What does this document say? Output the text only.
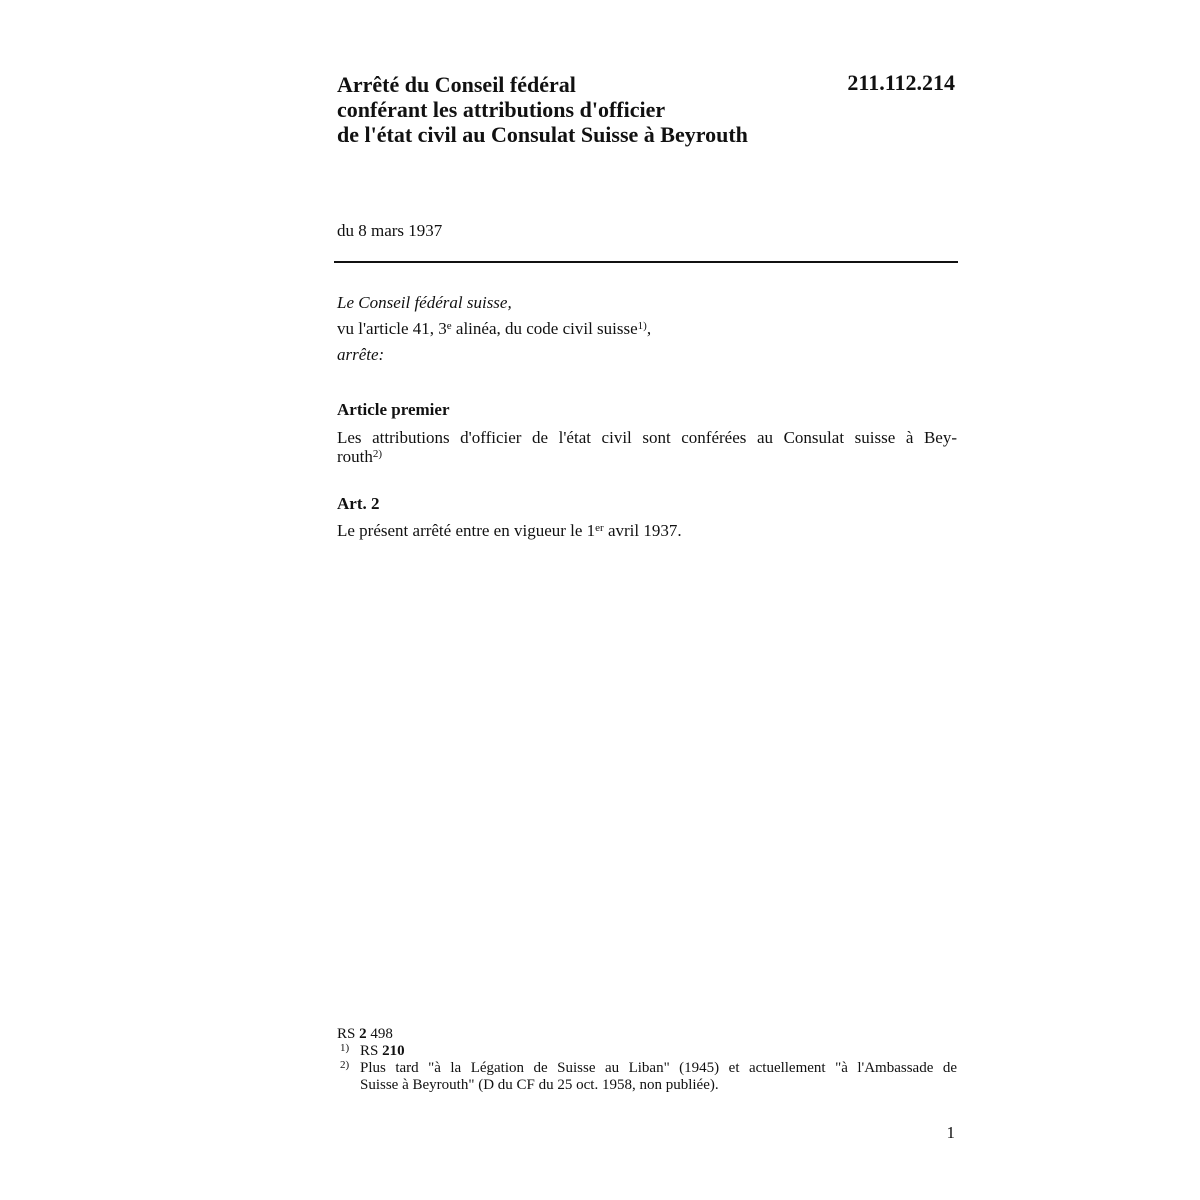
Arrêté du Conseil fédéral
conférant les attributions d'officier
de l'état civil au Consulat Suisse à Beyrouth
211.112.214
du 8 mars 1937
Le Conseil fédéral suisse,
vu l'article 41, 3e alinéa, du code civil suisse$^{1)}$,
arrête:
Article premier
Les attributions d'officier de l'état civil sont conférées au Consulat suisse à Bey-
routh$^{2)}$
Art. 2
Le présent arrêté entre en vigueur le 1er avril 1937.
RS 2 498
1) RS 210
2) Plus tard "à la Légation de Suisse au Liban" (1945) et actuellement "à l'Ambassade de
Suisse à Beyrouth" (D du CF du 25 oct. 1958, non publiée).
1
